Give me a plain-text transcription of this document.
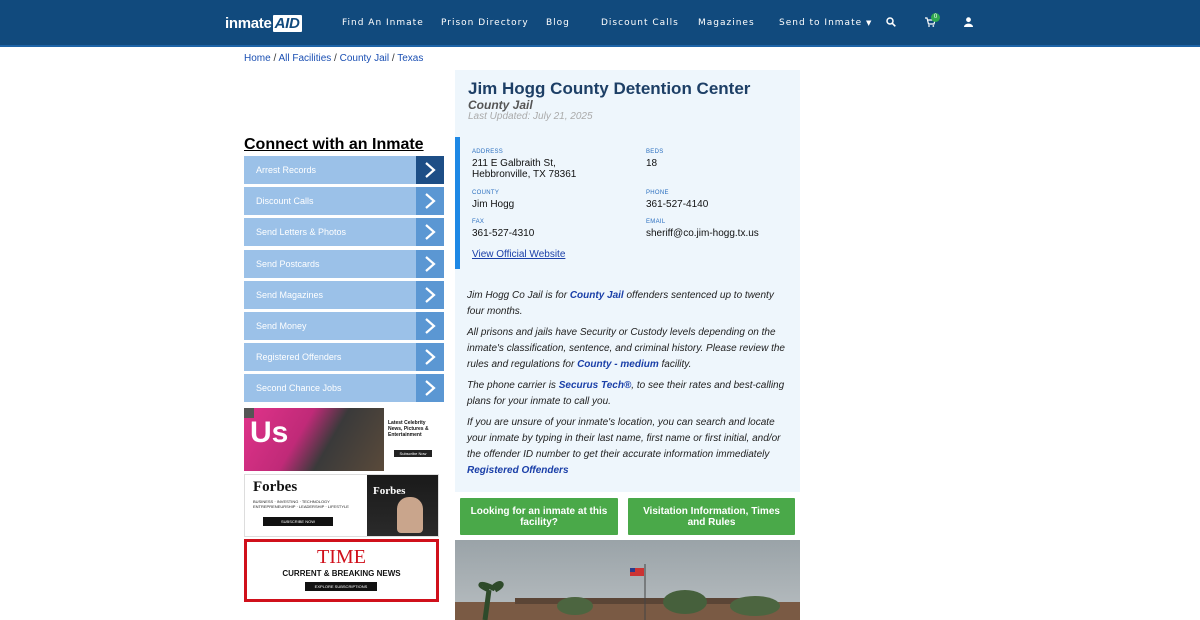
inmate AID	Find An Inmate Prison Directory Blog	Discount Calls Magazines	Send to Inmate ▼
0
Home / All Facilities / County Jail / Texas
Connect with an Inmate
Arrest Records
Discount Calls
Send Letters & Photos
Send Postcards
Send Magazines
Send Money
Registered Offenders
Second Chance Jobs
Us	Latest Celebrity News, Pictures & Entertainment
Subscribe Now
Forbes
BUSINESS · INVESTING · TECHNOLOGY ENTREPRENEURSHIP · LEADERSHIP · LIFESTYLE
SUBSCRIBE NOW
Forbes
TIME
CURRENT & BREAKING NEWS
EXPLORE SUBSCRIPTIONS
Jim Hogg County Detention Center
County Jail
Last Updated: July 21, 2025
ADDRESS
211 E Galbraith St,
Hebbronville, TX 78361
BEDS
18
COUNTY
Jim Hogg
PHONE
361-527-4140
FAX
361-527-4310
EMAIL
sheriff@co.jim-hogg.tx.us
View Official Website

Jim Hogg Co Jail is for County Jail offenders sentenced up to twenty four months.

All prisons and jails have Security or Custody levels depending on the inmate's classification, sentence, and criminal history. Please review the rules and regulations for County - medium facility.

The phone carrier is Securus Tech®, to see their rates and best-calling plans for your inmate to call you.

If you are unsure of your inmate's location, you can search and locate your inmate by typing in their last name, first name or first initial, and/or the offender ID number to get their accurate information immediately Registered Offenders

Looking for an inmate at this facility?
Visitation Information, Times and Rules
